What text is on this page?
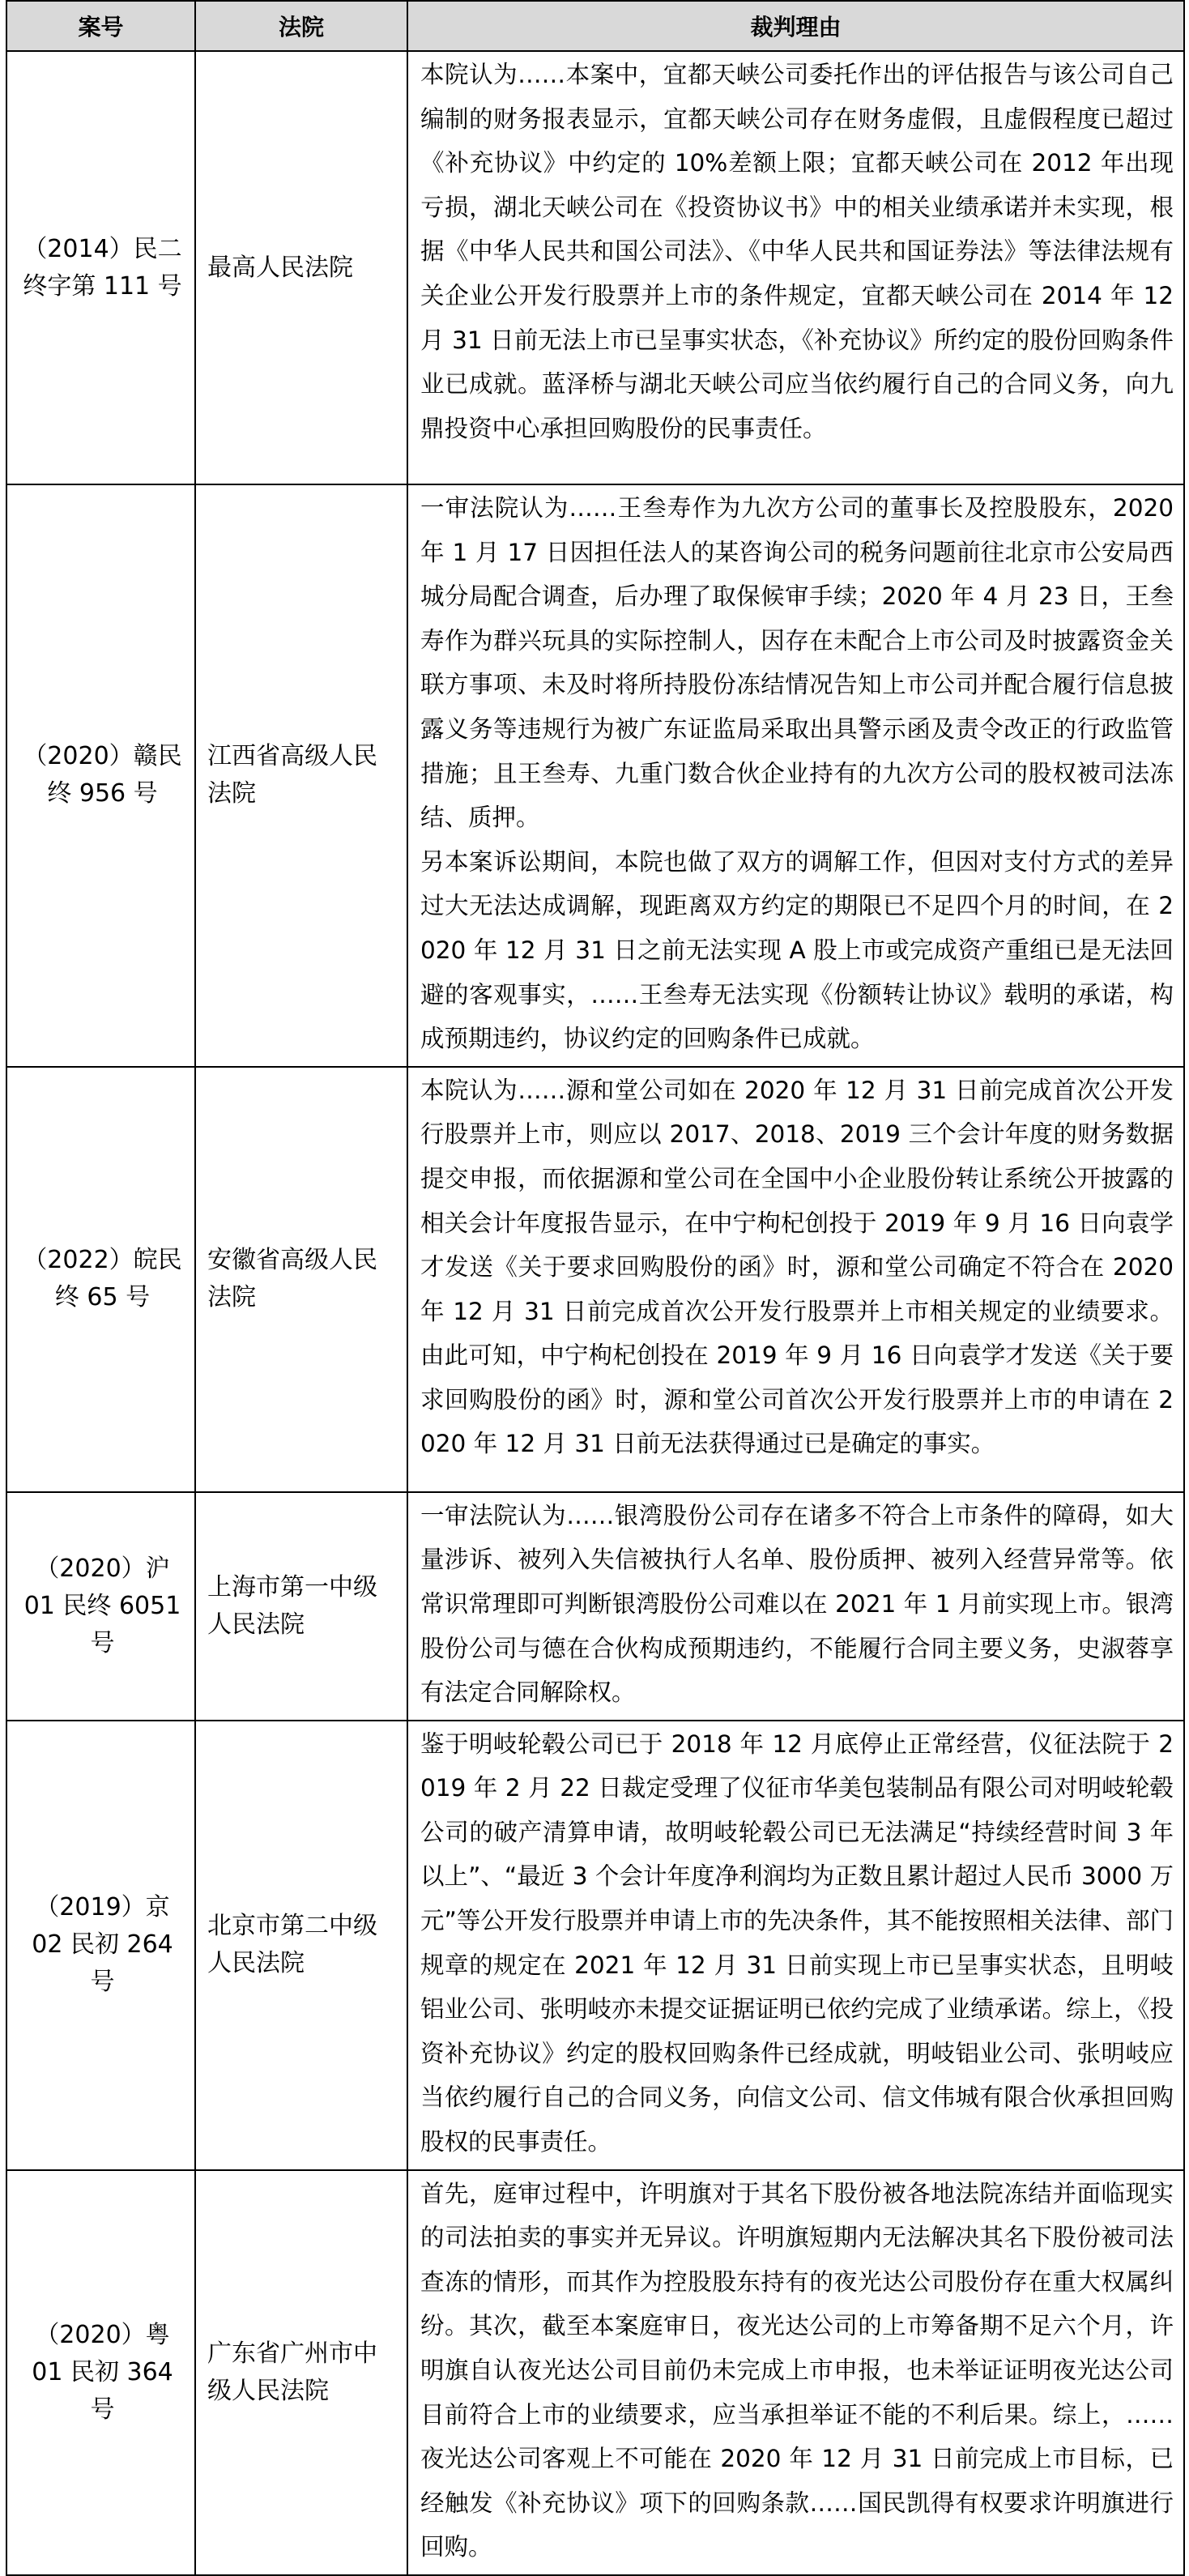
案号	法院	裁判理由
（2014）民二终字第 111 号	最高人民法院	本院认为……本案中，宜都天峡公司委托作出的评估报告与该公司自己编制的财务报表显示，宜都天峡公司存在财务虚假，且虚假程度已超过《补充协议》中约定的 10%差额上限；宜都天峡公司在 2012 年出现亏损，湖北天峡公司在《投资协议书》中的相关业绩承诺并未实现，根据《中华人民共和国公司法》、《中华人民共和国证券法》等法律法规有关企业公开发行股票并上市的条件规定，宜都天峡公司在 2014 年 12 月 31 日前无法上市已呈事实状态，《补充协议》所约定的股份回购条件业已成就。蓝泽桥与湖北天峡公司应当依约履行自己的合同义务，向九鼎投资中心承担回购股份的民事责任。

（2020）赣民终 956 号	江西省高级人民法院	一审法院认为……王叁寿作为九次方公司的董事长及控股股东，2020 年 1 月 17 日因担任法人的某咨询公司的税务问题前往北京市公安局西城分局配合调查，后办理了取保候审手续；2020 年 4 月 23 日，王叁寿作为群兴玩具的实际控制人，因存在未配合上市公司及时披露资金关联方事项、未及时将所持股份冻结情况告知上市公司并配合履行信息披露义务等违规行为被广东证监局采取出具警示函及责令改正的行政监管措施；且王叁寿、九重门数合伙企业持有的九次方公司的股权被司法冻结、质押。

另本案诉讼期间，本院也做了双方的调解工作，但因对支付方式的差异过大无法达成调解，现距离双方约定的期限已不足四个月的时间，在 2020 年 12 月 31 日之前无法实现 A 股上市或完成资产重组已是无法回避的客观事实，……王叁寿无法实现《份额转让协议》载明的承诺，构成预期违约，协议约定的回购条件已成就。

（2022）皖民终 65 号	安徽省高级人民法院	本院认为……源和堂公司如在 2020 年 12 月 31 日前完成首次公开发行股票并上市，则应以 2017、2018、2019 三个会计年度的财务数据提交申报，而依据源和堂公司在全国中小企业股份转让系统公开披露的相关会计年度报告显示，在中宁枸杞创投于 2019 年 9 月 16 日向袁学才发送《关于要求回购股份的函》时，源和堂公司确定不符合在 2020 年 12 月 31 日前完成首次公开发行股票并上市相关规定的业绩要求。由此可知，中宁枸杞创投在 2019 年 9 月 16 日向袁学才发送《关于要求回购股份的函》时，源和堂公司首次公开发行股票并上市的申请在 2020 年 12 月 31 日前无法获得通过已是确定的事实。

（2020）沪 01 民终 6051 号	上海市第一中级人民法院	一审法院认为……银湾股份公司存在诸多不符合上市条件的障碍，如大量涉诉、被列入失信被执行人名单、股份质押、被列入经营异常等。依常识常理即可判断银湾股份公司难以在 2021 年 1 月前实现上市。银湾股份公司与德在合伙构成预期违约，不能履行合同主要义务，史淑蓉享有法定合同解除权。

（2019）京 02 民初 264 号	北京市第二中级人民法院	鉴于明岐轮毂公司已于 2018 年 12 月底停止正常经营，仪征法院于 2019 年 2 月 22 日裁定受理了仪征市华美包装制品有限公司对明岐轮毂公司的破产清算申请，故明岐轮毂公司已无法满足“持续经营时间 3 年以上”、“最近 3 个会计年度净利润均为正数且累计超过人民币 3000 万元”等公开发行股票并申请上市的先决条件，其不能按照相关法律、部门规章的规定在 2021 年 12 月 31 日前实现上市已呈事实状态，且明岐铝业公司、张明岐亦未提交证据证明已依约完成了业绩承诺。综上，《投资补充协议》约定的股权回购条件已经成就，明岐铝业公司、张明岐应当依约履行自己的合同义务，向信文公司、信文伟城有限合伙承担回购股权的民事责任。

（2020）粤 01 民初 364 号	广东省广州市中级人民法院	首先，庭审过程中，许明旗对于其名下股份被各地法院冻结并面临现实的司法拍卖的事实并无异议。许明旗短期内无法解决其名下股份被司法查冻的情形，而其作为控股股东持有的夜光达公司股份存在重大权属纠纷。其次，截至本案庭审日，夜光达公司的上市筹备期不足六个月，许明旗自认夜光达公司目前仍未完成上市申报，也未举证证明夜光达公司目前符合上市的业绩要求，应当承担举证不能的不利后果。综上，……夜光达公司客观上不可能在 2020 年 12 月 31 日前完成上市目标，已经触发《补充协议》项下的回购条款……国民凯得有权要求许明旗进行回购。
